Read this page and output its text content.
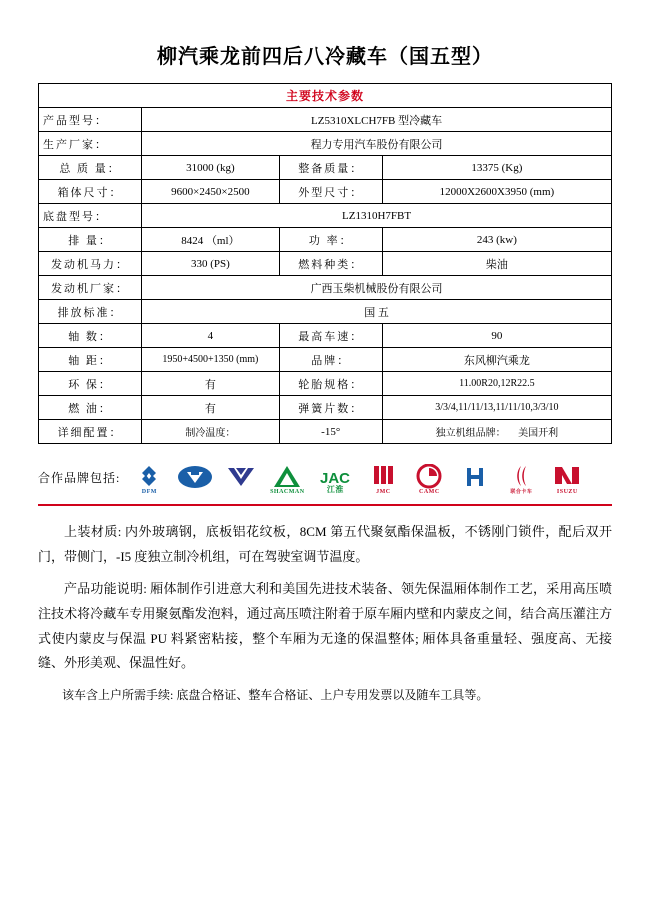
柳汽乘龙前四后八冷藏车（国五型）
主要技术参数			
产品型号：	LZ5310XLCH7FB 型冷藏车		
生产厂家：	程力专用汽车股份有限公司		
总 质 量：	31000 (kg)	整备质量：	13375 (Kg)
箱体尺寸：	9600×2450×2500	外型尺寸：	12000X2600X3950 (mm)
底盘型号：	LZ1310H7FBT		
排 量：	8424 （ml）	功 率：	243 (kw)
发动机马力：	330 (PS)	燃料种类：	柴油
发动机厂家：	广西玉柴机械股份有限公司		
排放标准：	国 五		
轴 数：	4	最高车速：	90
轴 距：	1950+4500+1350 (mm)	品牌：	东风柳汽乘龙
环 保：	有	轮胎规格：	11.00R20,12R22.5
燃 油：	有	弹簧片数：	3/3/4,11/11/13,11/11/10,3/3/10
详细配置：	制冷温度：	-15°	独立机组品牌： 美国开利
合作品牌包括:
DFM	SHACMAN
JAC
江淮	JMC	CAMC	联合卡车	ISUZU

上装材质: 内外玻璃钢，底板铝花纹板，8CM 第五代聚氨酯保温板，不锈刚门锁件，配后双开门，带侧门，-I5 度独立制冷机组，可在驾驶室调节温度。

产品功能说明: 厢体制作引进意大利和美国先进技术装备、领先保温厢体制作工艺，采用高压喷注技术将冷藏车专用聚氨酯发泡料，通过高压喷注附着于原车厢内壁和内蒙皮之间，结合高压灌注方式使内蒙皮与保温 PU 料紧密粘接，整个车厢为无逢的保温整体; 厢体具备重量轻、强度高、无接缝、外形美观、保温性好。

该车含上户所需手续: 底盘合格证、整车合格证、上户专用发票以及随车工具等。
